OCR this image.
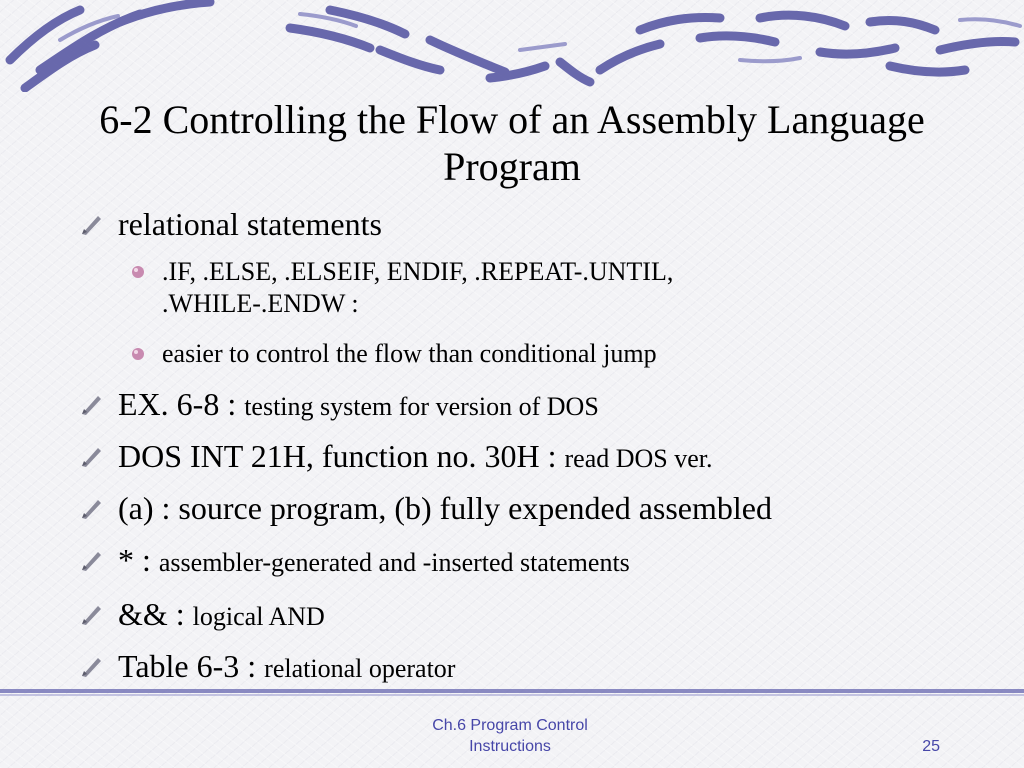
6-2 Controlling the Flow of an Assembly Language Program
relational statements
.IF, .ELSE, .ELSEIF, ENDIF, .REPEAT-.UNTIL, .WHILE-.ENDW :
easier to control the flow than conditional jump
EX. 6-8 : testing system for version of DOS
DOS INT 21H, function no. 30H : read DOS ver.
(a) : source program, (b) fully expended assembled
* : assembler-generated and -inserted statements
&& : logical AND
Table 6-3 : relational operator
Ch.6 Program Control
Instructions	25
